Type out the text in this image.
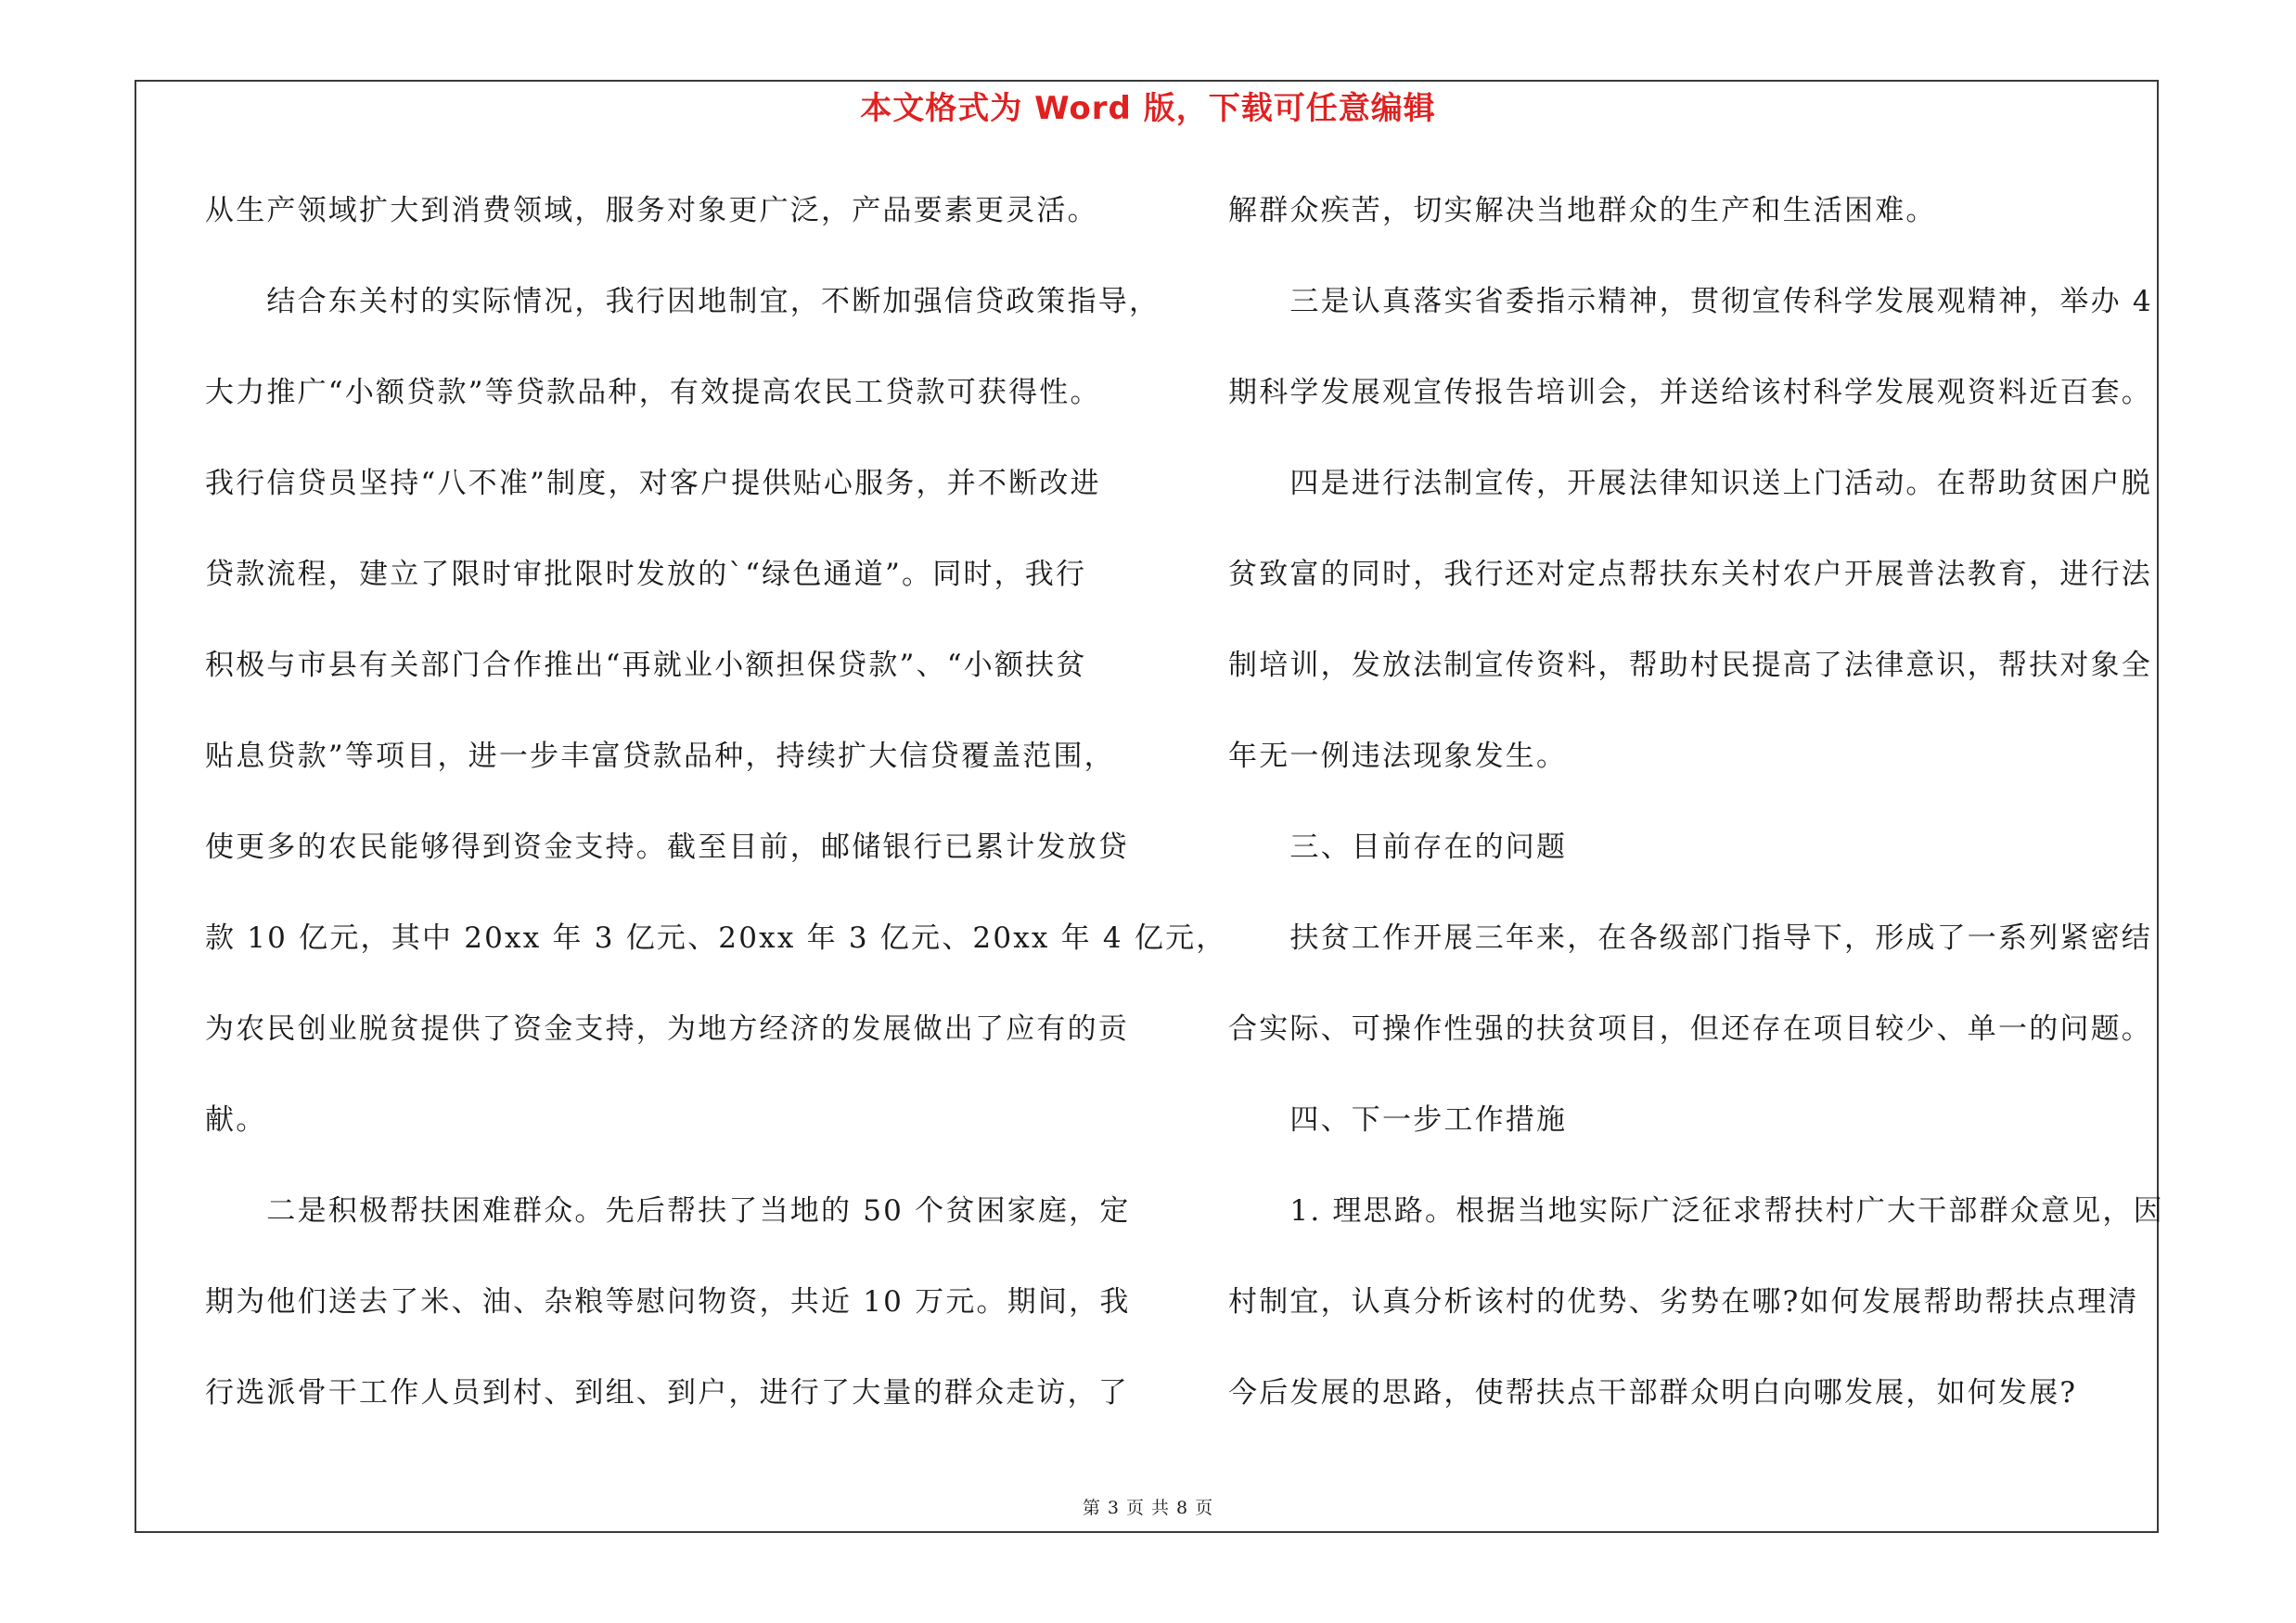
本文格式为 Word 版，下载可任意编辑
从生产领域扩大到消费领域，服务对象更广泛，产品要素更灵活。
　　结合东关村的实际情况，我行因地制宜，不断加强信贷政策指导，
大力推广“小额贷款”等贷款品种，有效提高农民工贷款可获得性。
我行信贷员坚持“八不准”制度，对客户提供贴心服务，并不断改进
贷款流程，建立了限时审批限时发放的`“绿色通道”。同时，我行
积极与市县有关部门合作推出“再就业小额担保贷款”、“小额扶贫
贴息贷款”等项目，进一步丰富贷款品种，持续扩大信贷覆盖范围，
使更多的农民能够得到资金支持。截至目前，邮储银行已累计发放贷
款 10 亿元，其中 20xx 年 3 亿元、20xx 年 3 亿元、20xx 年 4 亿元，
为农民创业脱贫提供了资金支持，为地方经济的发展做出了应有的贡
献。
　　二是积极帮扶困难群众。先后帮扶了当地的 50 个贫困家庭，定
期为他们送去了米、油、杂粮等慰问物资，共近 10 万元。期间，我
行选派骨干工作人员到村、到组、到户，进行了大量的群众走访，了
解群众疾苦，切实解决当地群众的生产和生活困难。
　　三是认真落实省委指示精神，贯彻宣传科学发展观精神，举办 4
期科学发展观宣传报告培训会，并送给该村科学发展观资料近百套。
　　四是进行法制宣传，开展法律知识送上门活动。在帮助贫困户脱
贫致富的同时，我行还对定点帮扶东关村农户开展普法教育，进行法
制培训，发放法制宣传资料，帮助村民提高了法律意识，帮扶对象全
年无一例违法现象发生。
　　三、目前存在的问题
　　扶贫工作开展三年来，在各级部门指导下，形成了一系列紧密结
合实际、可操作性强的扶贫项目，但还存在项目较少、单一的问题。
　　四、下一步工作措施
　　1. 理思路。根据当地实际广泛征求帮扶村广大干部群众意见，因
村制宜，认真分析该村的优势、劣势在哪?如何发展帮助帮扶点理清
今后发展的思路，使帮扶点干部群众明白向哪发展，如何发展?
第 3 页 共 8 页
